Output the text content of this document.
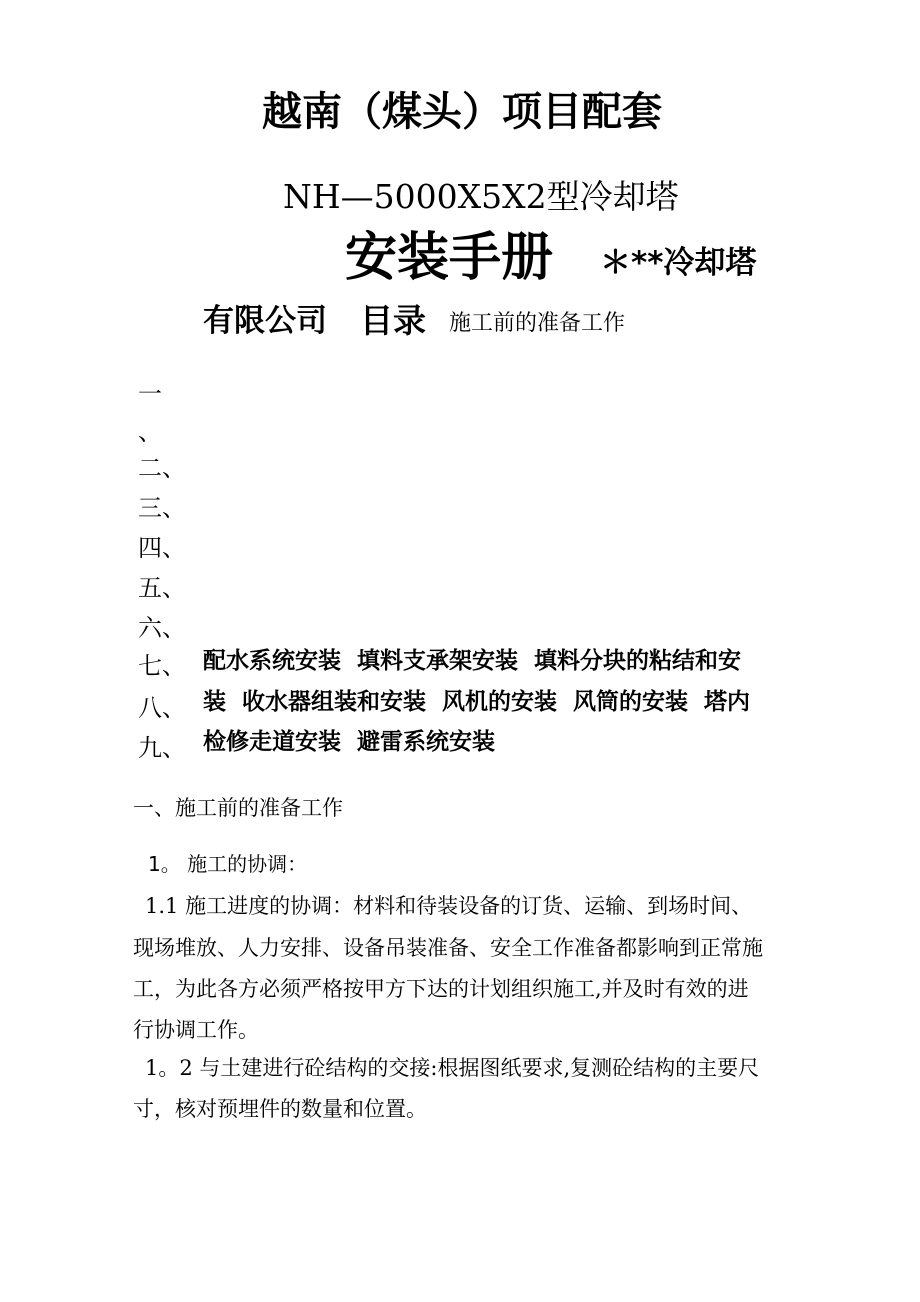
越南（煤头）项目配套
NH—5000X5X2型冷却塔
安装手册 ＊**冷却塔
有限公司 目录 施工前的准备工作
一
、
二、
三、
四、
五、
六、
七、
八、
九、
配水系统安装  填料支承架安装  填料分块的粘结和安
装  收水器组装和安装  风机的安装  风筒的安装  塔内
检修走道安装  避雷系统安装
一、施工前的准备工作
1。 施工的协调：
1.1 施工进度的协调：材料和待装设备的订货、运输、到场时间、
现场堆放、人力安排、设备吊装准备、安全工作准备都影响到正常施
工，为此各方必须严格按甲方下达的计划组织施工,并及时有效的进
行协调工作。
1。2 与土建进行砼结构的交接:根据图纸要求,复测砼结构的主要尺
寸，核对预埋件的数量和位置。
